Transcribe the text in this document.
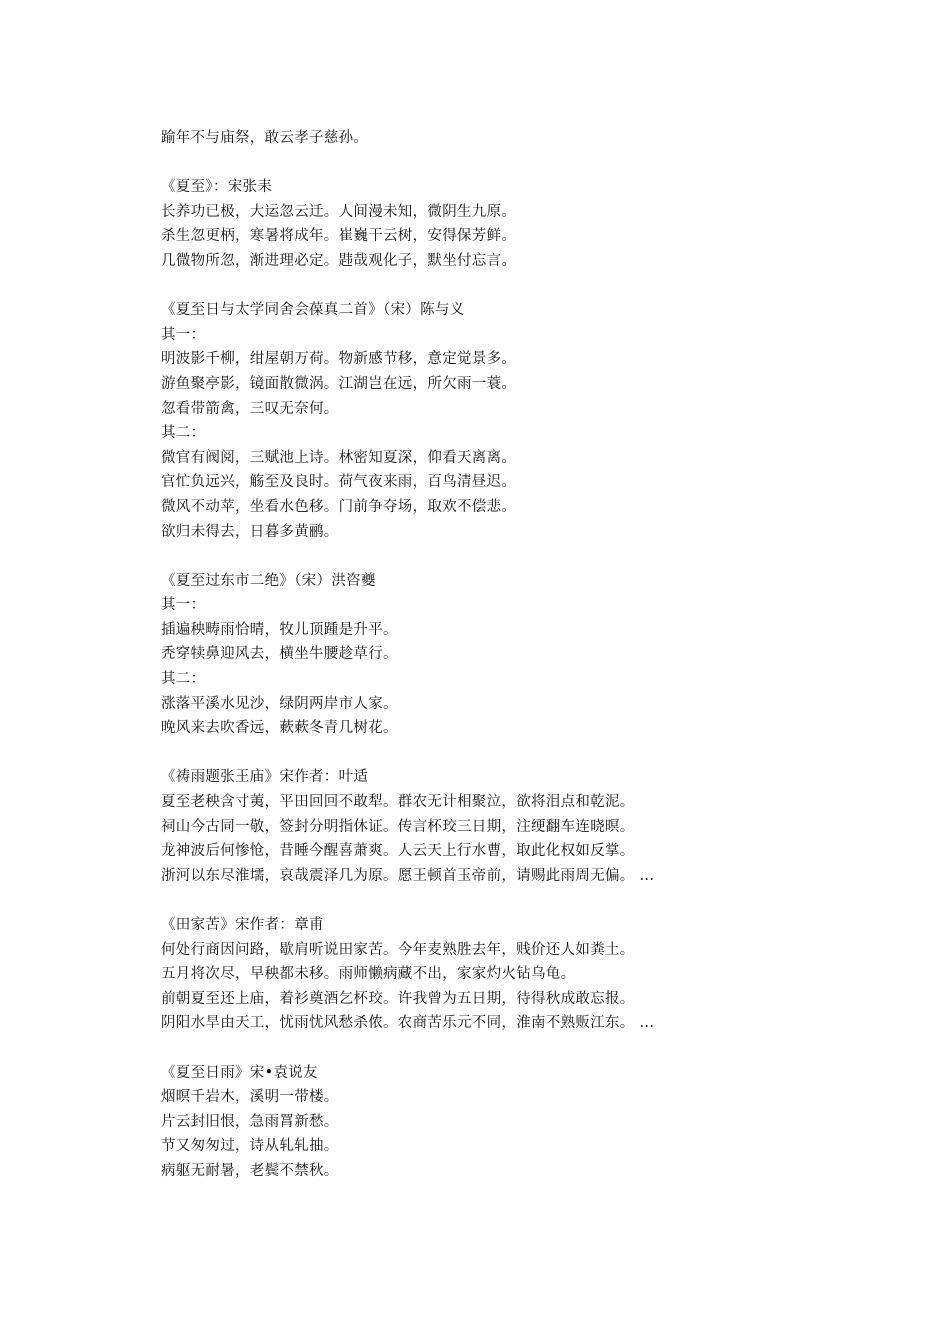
踰年不与庙祭，敢云孝子慈孙。
《夏至》：宋张耒
长养功已极，大运忽云迁。人间漫未知，微阴生九原。
杀生忽更柄，寒暑将成年。崔巍干云树，安得保芳鲜。
几微物所忽，渐进理必定。韪哉观化子，默坐付忘言。
《夏至日与太学同舍会葆真二首》（宋）陈与义
其一：
明波影千柳，绀屋朝万荷。物新感节移，意定觉景多。
游鱼聚亭影，镜面散微涡。江湖岂在远，所欠雨一蓑。
忽看带箭禽，三叹无奈何。
其二：
微官有阀阅，三赋池上诗。林密知夏深，仰看天离离。
官忙负远兴，觞至及良时。荷气夜来雨，百鸟清昼迟。
微风不动苹，坐看水色移。门前争夺场，取欢不偿悲。
欲归未得去，日暮多黄鹂。
《夏至过东市二绝》（宋）洪咨夔
其一：
插遍秧畴雨恰晴，牧儿顶踵是升平。
秃穿犊鼻迎风去，横坐牛腰趁草行。
其二：
涨落平溪水见沙，绿阴两岸市人家。
晚风来去吹香远，蔌蔌冬青几树花。
《祷雨题张王庙》宋作者：叶适
夏至老秧含寸荑，平田回回不敢犁。群农无计相聚泣，欲将泪点和乾泥。
祠山今古同一敬，签封分明指休证。传言杯珓三日期，注绠翻车连晓暝。
龙神波后何惨怆，昔睡今醒喜萧爽。人云天上行水曹，取此化权如反掌。
浙河以东尽淮壖，哀哉震泽几为原。愿王顿首玉帝前，请赐此雨周无偏。 ...
《田家苦》宋作者：章甫
何处行商因问路，歇肩听说田家苦。今年麦熟胜去年，贱价还人如粪土。
五月将次尽，早秧都未移。雨师懒病藏不出，家家灼火钻乌龟。
前朝夏至还上庙，着衫奠酒乞杯珓。许我曾为五日期，待得秋成敢忘报。
阴阳水旱由天工，忧雨忧风愁杀侬。农商苦乐元不同，淮南不熟贩江东。 ...
《夏至日雨》宋•袁说友
烟暝千岩木，溪明一带楼。
片云封旧恨，急雨罥新愁。
节又匆匆过，诗从轧轧抽。
病躯无耐暑，老鬓不禁秋。
